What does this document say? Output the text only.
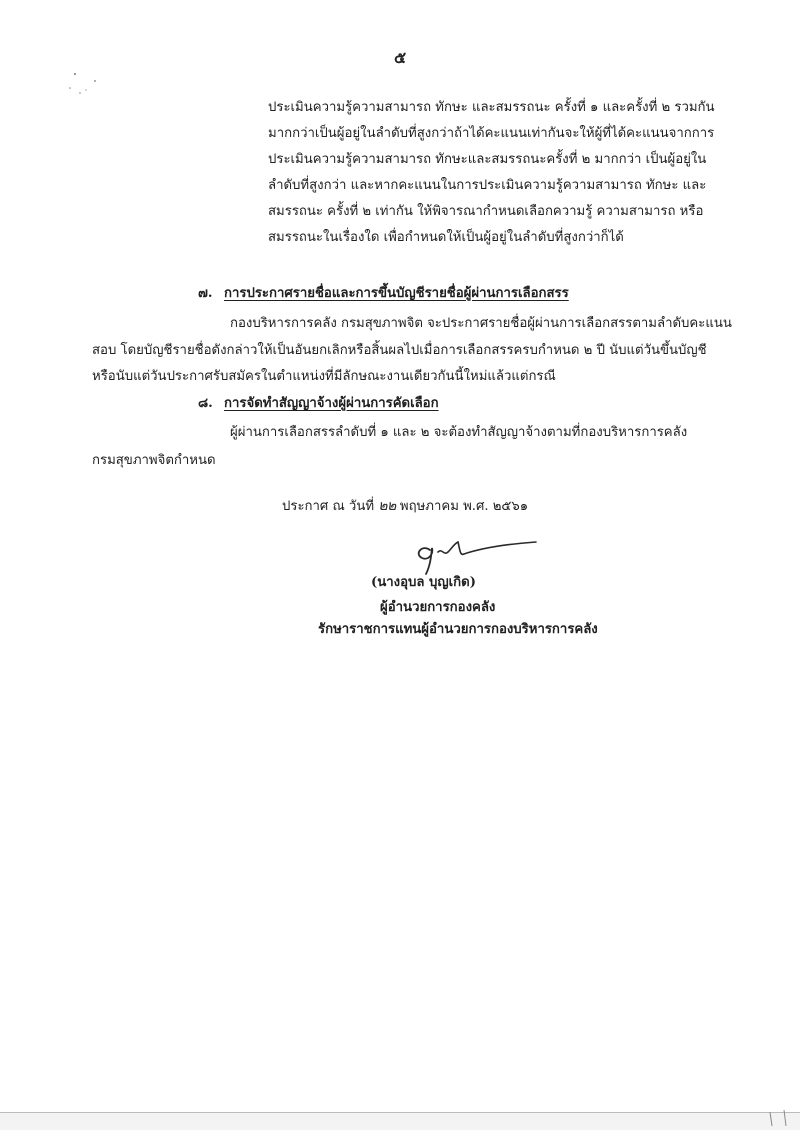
๕
ประเมินความรู้ความสามารถ ทักษะ และสมรรถนะ ครั้งที่ ๑ และครั้งที่ ๒ รวมกัน
มากกว่าเป็นผู้อยู่ในลำดับที่สูงกว่าถ้าได้คะแนนเท่ากันจะให้ผู้ที่ได้คะแนนจากการ
ประเมินความรู้ความสามารถ ทักษะและสมรรถนะครั้งที่ ๒ มากกว่า เป็นผู้อยู่ใน
ลำดับที่สูงกว่า และหากคะแนนในการประเมินความรู้ความสามารถ ทักษะ และ
สมรรถนะ ครั้งที่ ๒ เท่ากัน ให้พิจารณากำหนดเลือกความรู้ ความสามารถ หรือ
สมรรถนะในเรื่องใด เพื่อกำหนดให้เป็นผู้อยู่ในลำดับที่สูงกว่าก็ได้
๗. การประกาศรายชื่อและการขึ้นบัญชีรายชื่อผู้ผ่านการเลือกสรร
กองบริหารการคลัง กรมสุขภาพจิต จะประกาศรายชื่อผู้ผ่านการเลือกสรรตามลำดับคะแนน
สอบ โดยบัญชีรายชื่อดังกล่าวให้เป็นอันยกเลิกหรือสิ้นผลไปเมื่อการเลือกสรรครบกำหนด ๒ ปี นับแต่วันขึ้นบัญชี
หรือนับแต่วันประกาศรับสมัครในตำแหน่งที่มีลักษณะงานเดียวกันนี้ใหม่แล้วแต่กรณี
๘. การจัดทำสัญญาจ้างผู้ผ่านการคัดเลือก
ผู้ผ่านการเลือกสรรลำดับที่ ๑ และ ๒ จะต้องทำสัญญาจ้างตามที่กองบริหารการคลัง
กรมสุขภาพจิตกำหนด
ประกาศ ณ วันที่ ๒๒ พฤษภาคม พ.ศ. ๒๕๖๑
(นางอุบล บุญเกิด)
ผู้อำนวยการกองคลัง
รักษาราชการแทนผู้อำนวยการกองบริหารการคลัง
